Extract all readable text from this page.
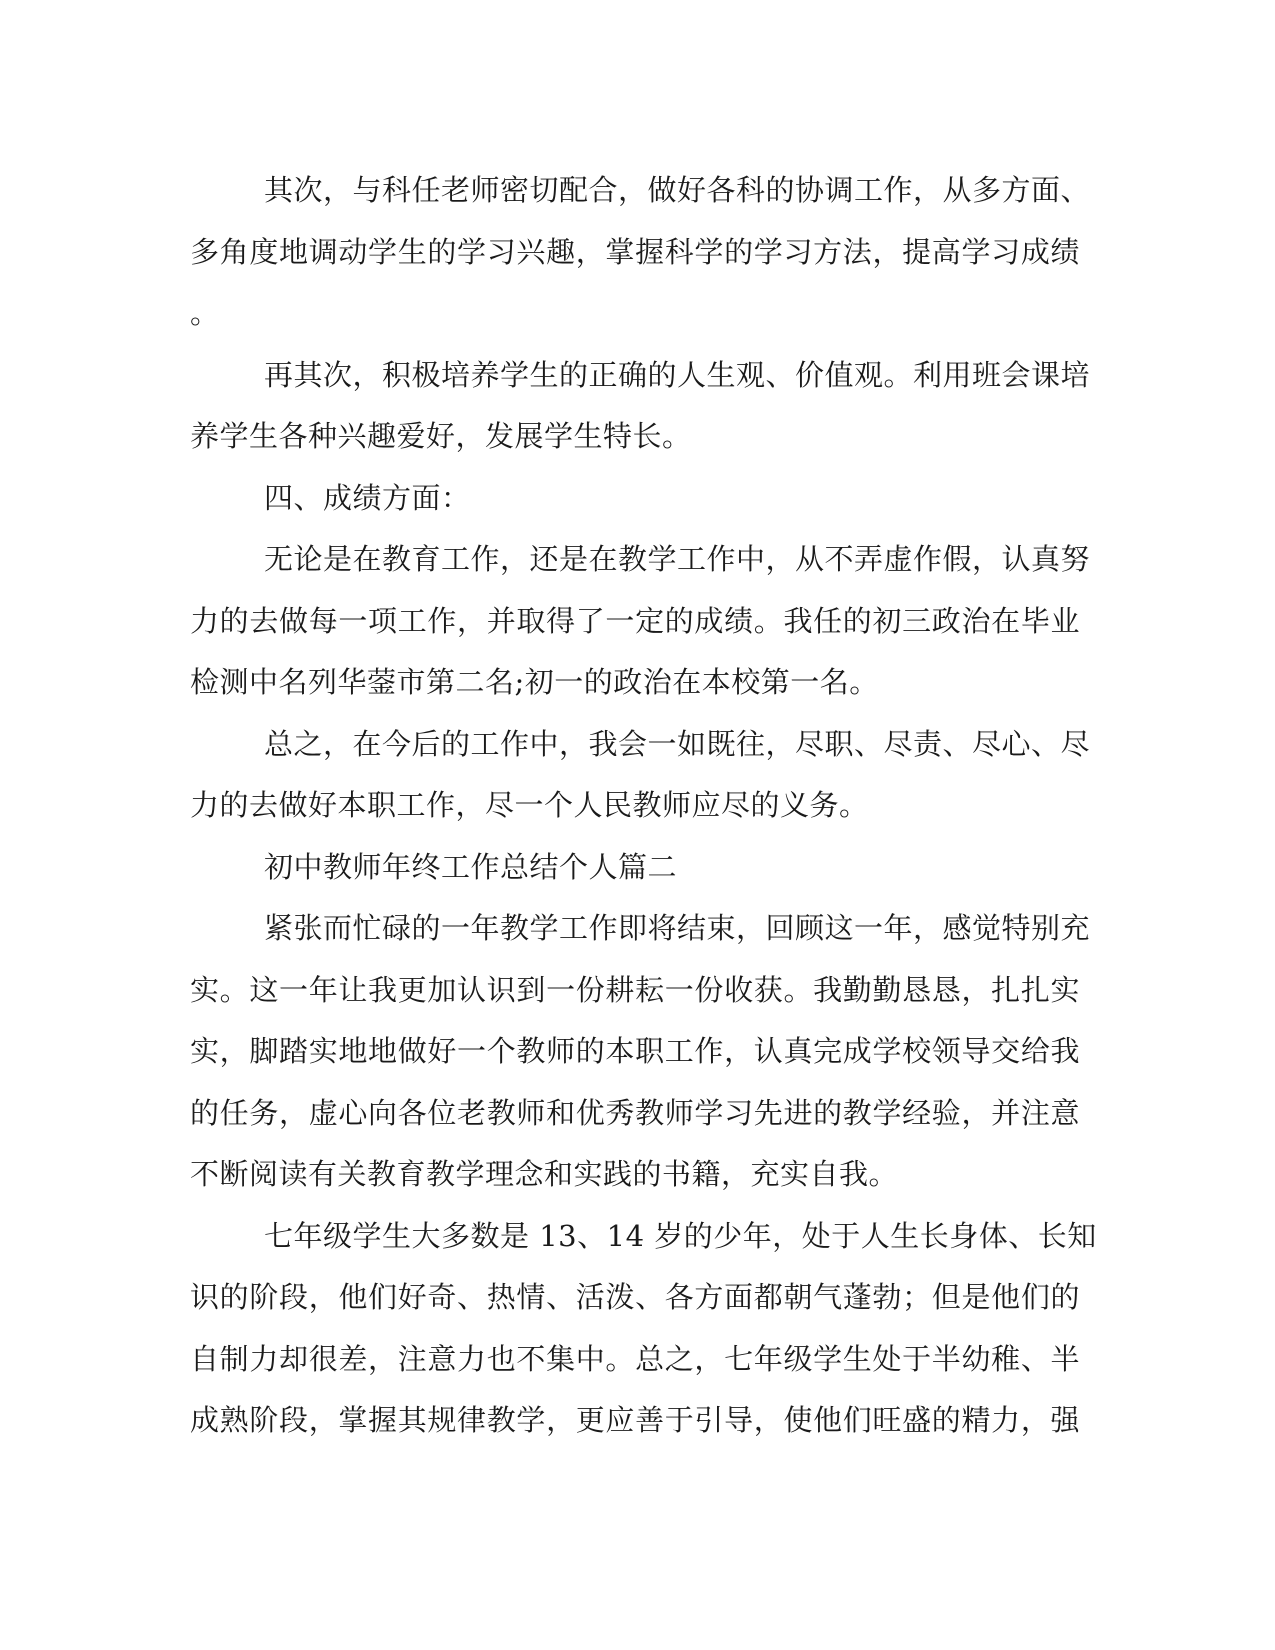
其次，与科任老师密切配合，做好各科的协调工作，从多方面、
多角度地调动学生的学习兴趣，掌握科学的学习方法，提高学习成绩
。
再其次，积极培养学生的正确的人生观、价值观。利用班会课培
养学生各种兴趣爱好，发展学生特长。
四、成绩方面：
无论是在教育工作，还是在教学工作中，从不弄虚作假，认真努
力的去做每一项工作，并取得了一定的成绩。我任的初三政治在毕业
检测中名列华蓥市第二名;初一的政治在本校第一名。
总之，在今后的工作中，我会一如既往，尽职、尽责、尽心、尽
力的去做好本职工作，尽一个人民教师应尽的义务。
初中教师年终工作总结个人篇二
紧张而忙碌的一年教学工作即将结束，回顾这一年，感觉特别充
实。这一年让我更加认识到一份耕耘一份收获。我勤勤恳恳，扎扎实
实，脚踏实地地做好一个教师的本职工作，认真完成学校领导交给我
的任务，虚心向各位老教师和优秀教师学习先进的教学经验，并注意
不断阅读有关教育教学理念和实践的书籍，充实自我。
七年级学生大多数是 13、14 岁的少年，处于人生长身体、长知
识的阶段，他们好奇、热情、活泼、各方面都朝气蓬勃；但是他们的
自制力却很差，注意力也不集中。总之，七年级学生处于半幼稚、半
成熟阶段，掌握其规律教学，更应善于引导，使他们旺盛的精力，强
